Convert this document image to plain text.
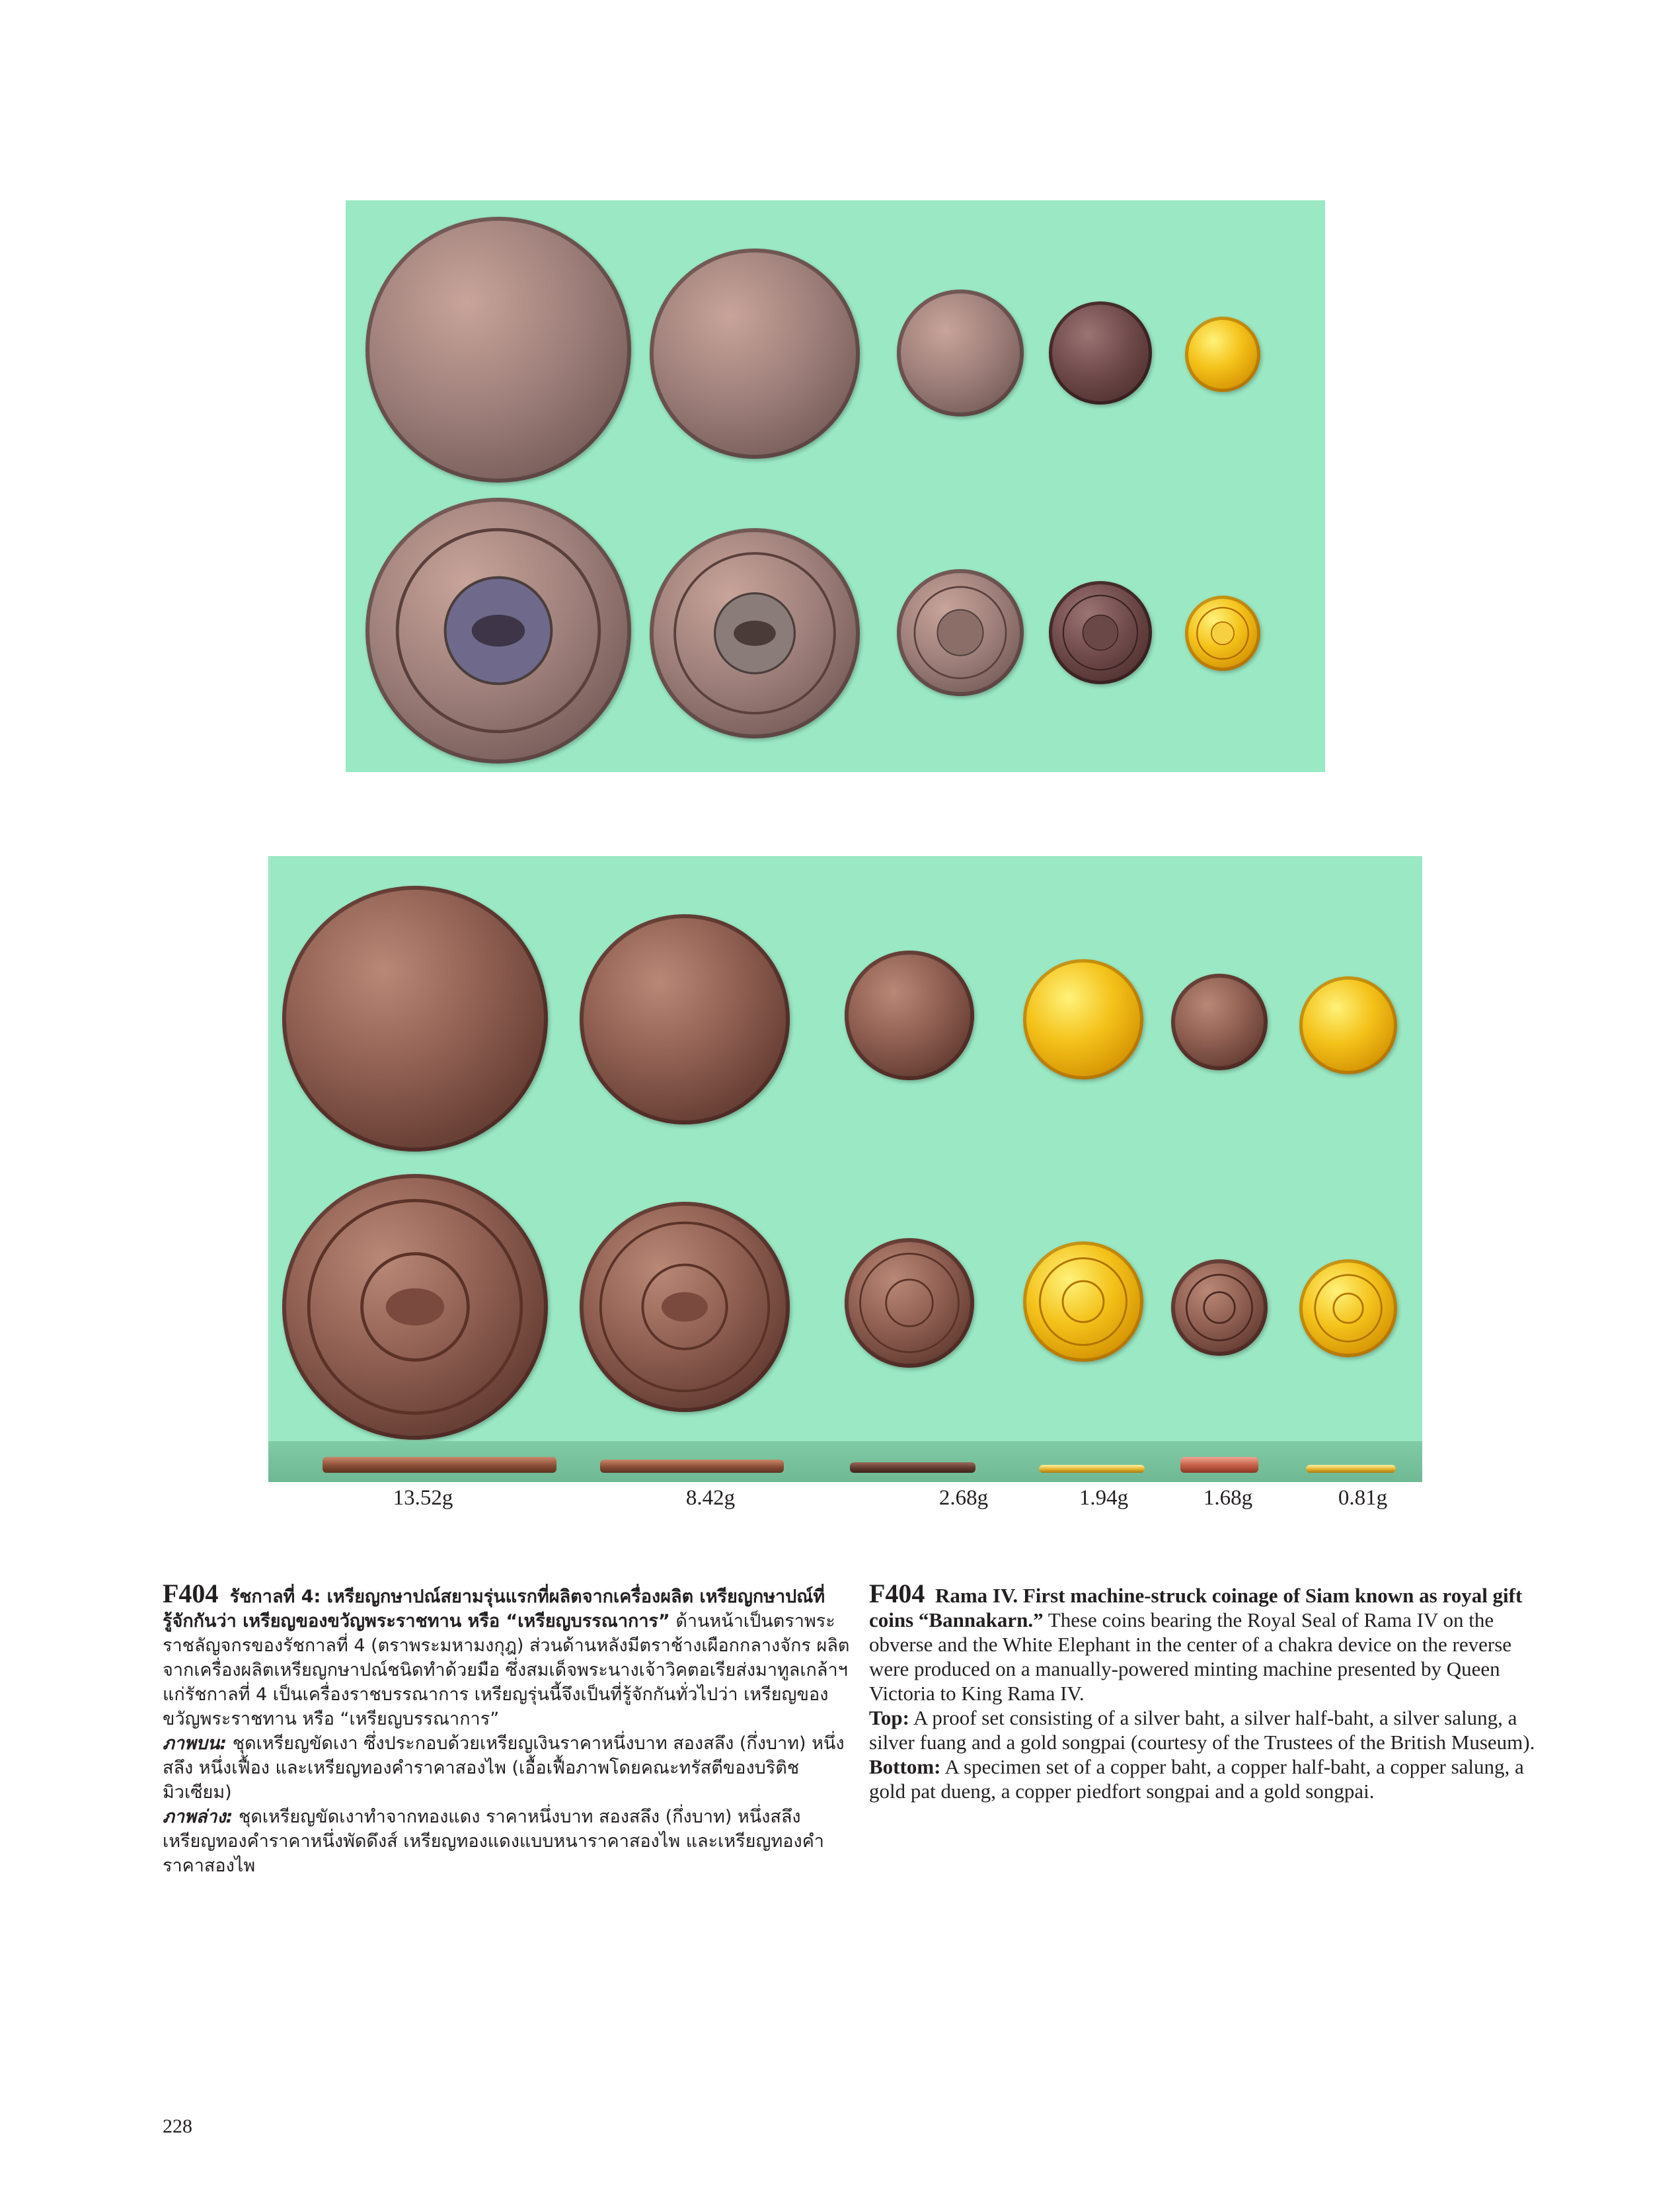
13.52g	8.42g	2.68g	1.94g	1.68g	0.81g

F404 รัชกาลที่ 4: เหรียญกษาปณ์สยามรุ่นแรกที่ผลิตจากเครื่องผลิต เหรียญกษาปณ์ที่รู้จักกันว่า เหรียญของขวัญพระราชทาน หรือ “เหรียญบรรณาการ” ด้านหน้าเป็นตราพระราชลัญจกรของรัชกาลที่ 4 (ตราพระมหามงกุฎ) ส่วนด้านหลังมีตราช้างเผือกกลางจักร ผลิตจากเครื่องผลิตเหรียญกษาปณ์ชนิดทำด้วยมือ ซึ่งสมเด็จพระนางเจ้าวิคตอเรียส่งมาทูลเกล้าฯ แก่รัชกาลที่ 4 เป็นเครื่องราชบรรณาการ เหรียญรุ่นนี้จึงเป็นที่รู้จักกันทั่วไปว่า เหรียญของขวัญพระราชทาน หรือ “เหรียญบรรณาการ”

ภาพบน: ชุดเหรียญขัดเงา ซึ่งประกอบด้วยเหรียญเงินราคาหนึ่งบาท สองสลึง (กึ่งบาท) หนึ่งสลึง หนึ่งเฟื้อง และเหรียญทองคำราคาสองไพ (เอื้อเฟื้อภาพโดยคณะทรัสตีของบริติชมิวเซียม)

ภาพล่าง: ชุดเหรียญขัดเงาทำจากทองแดง ราคาหนึ่งบาท สองสลึง (กึ่งบาท) หนึ่งสลึง เหรียญทองคำราคาหนึ่งพัดดึงส์ เหรียญทองแดงแบบหนาราคาสองไพ และเหรียญทองคำ ราคาสองไพ

F404 Rama IV. First machine-struck coinage of Siam known as royal gift coins “Bannakarn.” These coins bearing the Royal Seal of Rama IV on the obverse and the White Elephant in the center of a chakra device on the reverse were produced on a manually-powered minting machine presented by Queen Victoria to King Rama IV.

Top: A proof set consisting of a silver baht, a silver half-baht, a silver salung, a silver fuang and a gold songpai (courtesy of the Trustees of the British Museum).

Bottom: A specimen set of a copper baht, a copper half-baht, a copper salung, a gold pat dueng, a copper piedfort songpai and a gold songpai.

228
